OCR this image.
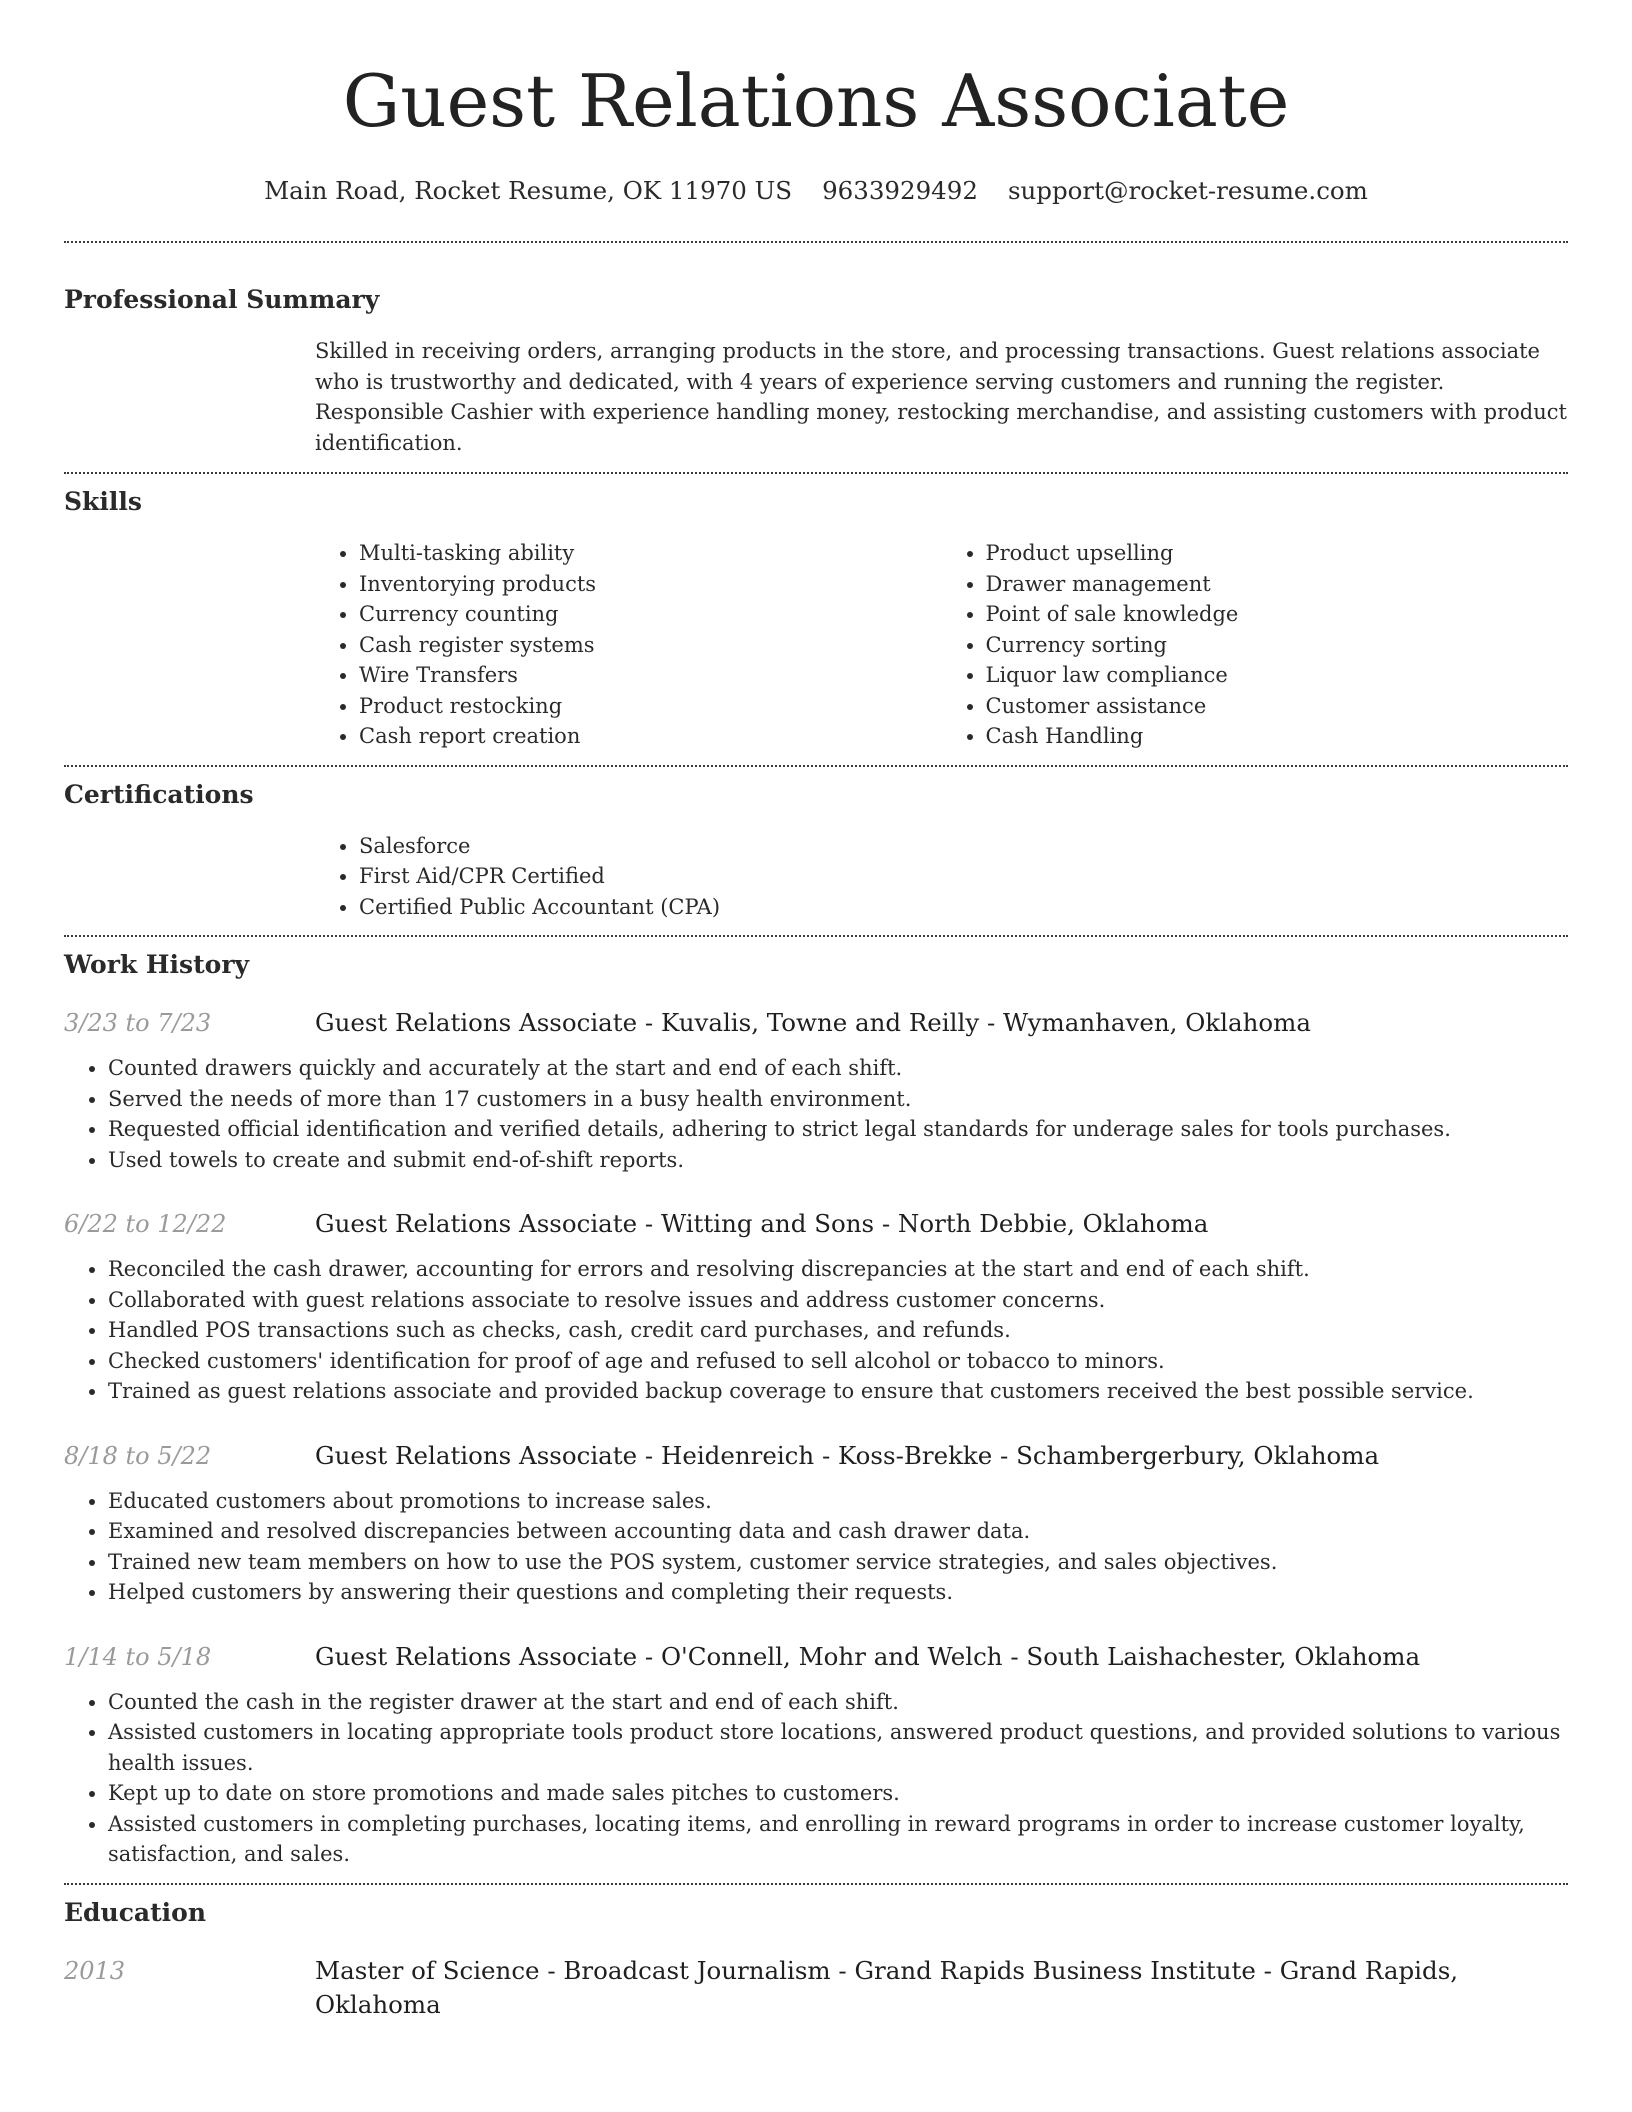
Guest Relations Associate
Main Road, Rocket Resume, OK 11970 US 9633929492 support@rocket-resume.com
Professional Summary
Skilled in receiving orders, arranging products in the store, and processing transactions. Guest relations associate who is trustworthy and dedicated, with 4 years of experience serving customers and running the register. Responsible Cashier with experience handling money, restocking merchandise, and assisting customers with product identification.
Skills
• Multi-tasking ability
• Inventorying products
• Currency counting
• Cash register systems
• Wire Transfers
• Product restocking
• Cash report creation
• Product upselling
• Drawer management
• Point of sale knowledge
• Currency sorting
• Liquor law compliance
• Customer assistance
• Cash Handling
Certifications
• Salesforce
• First Aid/CPR Certified
• Certified Public Accountant (CPA)
Work History
3/23 to 7/23	Guest Relations Associate - Kuvalis, Towne and Reilly - Wymanhaven, Oklahoma
• Counted drawers quickly and accurately at the start and end of each shift.
• Served the needs of more than 17 customers in a busy health environment.
• Requested official identification and verified details, adhering to strict legal standards for underage sales for tools purchases.
• Used towels to create and submit end-of-shift reports.
6/22 to 12/22	Guest Relations Associate - Witting and Sons - North Debbie, Oklahoma
• Reconciled the cash drawer, accounting for errors and resolving discrepancies at the start and end of each shift.
• Collaborated with guest relations associate to resolve issues and address customer concerns.
• Handled POS transactions such as checks, cash, credit card purchases, and refunds.
• Checked customers' identification for proof of age and refused to sell alcohol or tobacco to minors.
• Trained as guest relations associate and provided backup coverage to ensure that customers received the best possible service.
8/18 to 5/22	Guest Relations Associate - Heidenreich - Koss-Brekke - Schambergerbury, Oklahoma
• Educated customers about promotions to increase sales.
• Examined and resolved discrepancies between accounting data and cash drawer data.
• Trained new team members on how to use the POS system, customer service strategies, and sales objectives.
• Helped customers by answering their questions and completing their requests.
1/14 to 5/18	Guest Relations Associate - O'Connell, Mohr and Welch - South Laishachester, Oklahoma
• Counted the cash in the register drawer at the start and end of each shift.
• Assisted customers in locating appropriate tools product store locations, answered product questions, and provided solutions to various health issues.
• Kept up to date on store promotions and made sales pitches to customers.
• Assisted customers in completing purchases, locating items, and enrolling in reward programs in order to increase customer loyalty, satisfaction, and sales.
Education
2013	Master of Science - Broadcast Journalism - Grand Rapids Business Institute - Grand Rapids, Oklahoma
